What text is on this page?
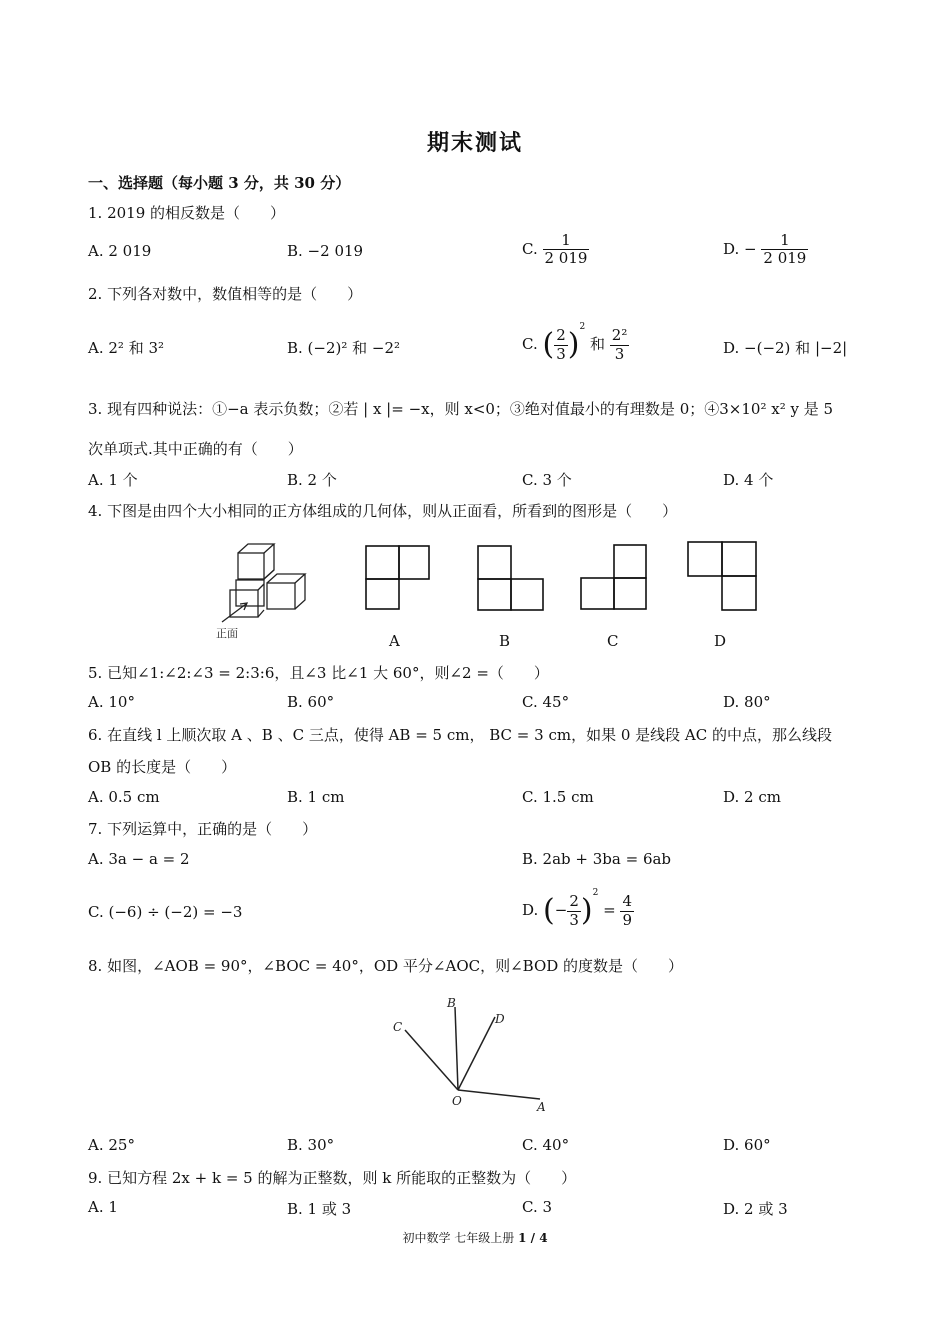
期末测试
一、选择题（每小题 3 分，共 30 分）
1. 2019 的相反数是（　　）
A. 2 019	B. −2 019	C. $\frac{1}{2 019}$	D. − $\frac{1}{2 019}$
2. 下列各对数中，数值相等的是（　　）
A. 2² 和 3²	B. (−2)² 和 −2²	C. ( $\frac{2}{3} )^2$ 和 $\frac{\text{2²}}{3}$	D. −(−2) 和 |−2|
3. 现有四种说法：①−a 表示负数；②若 | x |= −x，则 x<0；③绝对值最小的有理数是 0；④3×10² x² y 是 5
次单项式.其中正确的有（　　）
A. 1 个	B. 2 个	C. 3 个	D. 4 个
4. 下图是由四个大小相同的正方体组成的几何体，则从正面看，所看到的图形是（　　）
正面	A	B	C	D
5. 已知∠1:∠2:∠3 = 2:3:6，且∠3 比∠1 大 60°，则∠2 =（　　）
A. 10°	B. 60°	C. 45°	D. 80°
6. 在直线 l 上顺次取 A 、B 、C 三点，使得 AB = 5 cm， BC = 3 cm，如果 0 是线段 AC 的中点，那么线段
OB 的长度是（　　）
A. 0.5 cm	B. 1 cm	C. 1.5 cm	D. 2 cm
7. 下列运算中，正确的是（　　）
A. 3a − a = 2	B. 2ab + 3ba = 6ab
C. (−6) ÷ (−2) = −3	D. (− $\frac{2}{3} )^2 = \frac{4}{9}$
8. 如图，∠AOB = 90°，∠BOC = 40°，OD 平分∠AOC，则∠BOD 的度数是（　　）
B
C
D
O	A
A. 25°	B. 30°	C. 40°	D. 60°
9. 已知方程 2x + k = 5 的解为正整数，则 k 所能取的正整数为（　　）
A. 1	B. 1 或 3	C. 3	D. 2 或 3
初中数学 七年级上册 1 / 4
